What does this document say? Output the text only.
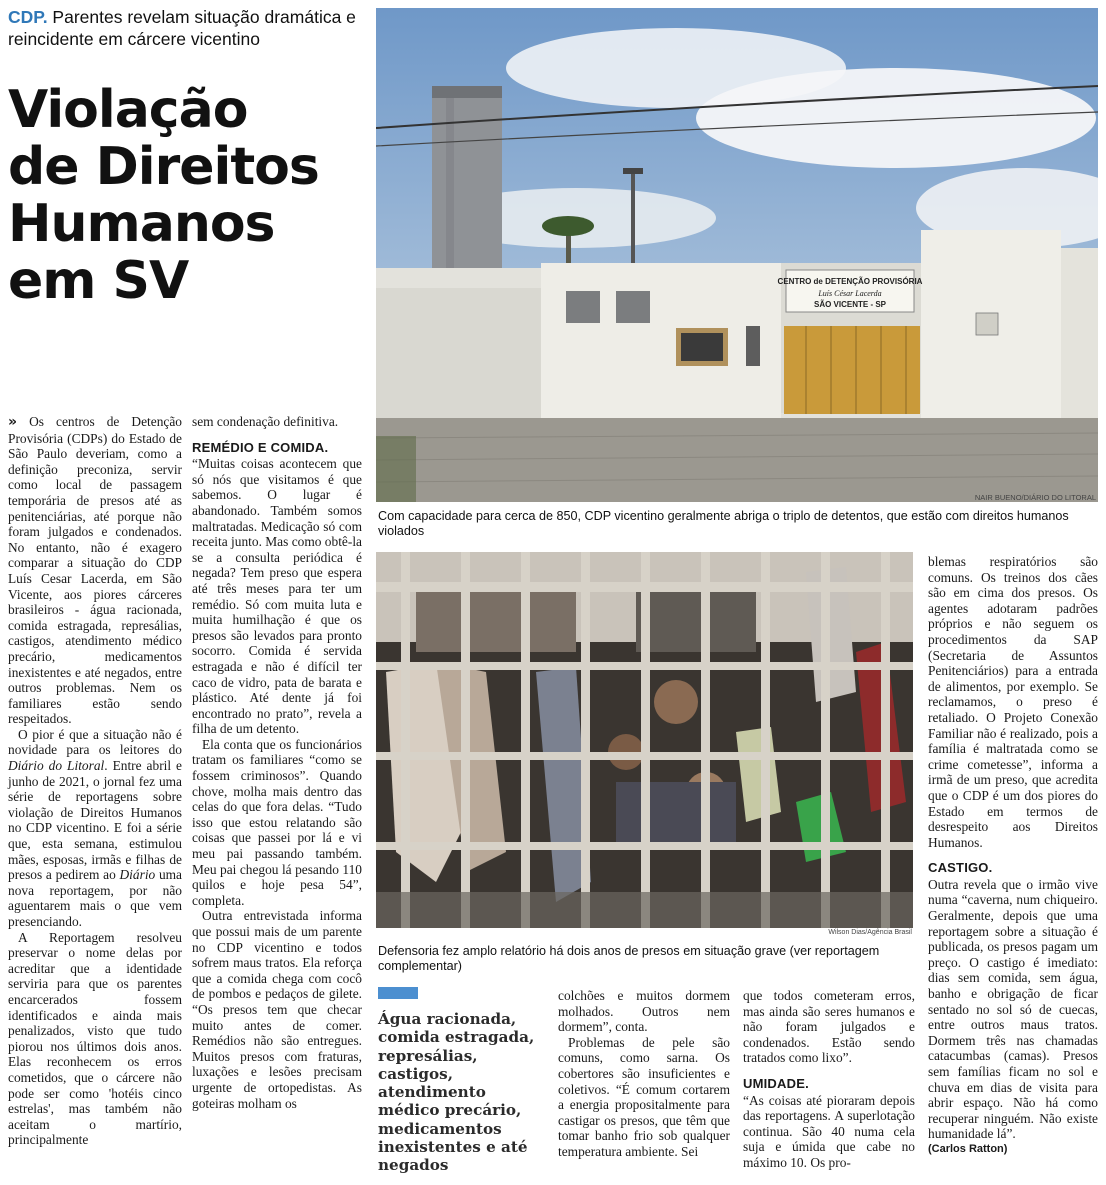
CDP. Parentes revelam situação dramática e reincidente em cárcere vicentino
Violação
de Direitos
Humanos
em SV	CENTRO de DETENÇÃO PROVISÓRIA
Luís César Lacerda
SÃO VICENTE - SP
NAIR BUENO/DIÁRIO DO LITORAL
Com capacidade para cerca de 850, CDP vicentino geralmente abriga o triplo de detentos, que estão com direitos humanos violados
Wilson Dias/Agência Brasil
Defensoria fez amplo relatório há dois anos de presos em situação grave (ver reportagem complementar)

» Os centros de Detenção Provisória (CDPs) do Estado de São Paulo deveriam, como a definição preconiza, servir como local de passagem temporária de presos até as penitenciárias, até porque não foram julgados e condenados. No entanto, não é exagero comparar a situação do CDP Luís Cesar Lacerda, em São Vicente, aos piores cárceres brasileiros - água racionada, comida estragada, represálias, castigos, atendimento médico precário, medicamentos inexistentes e até negados, entre outros problemas. Nem os familiares estão sendo respeitados.

O pior é que a situação não é novidade para os leitores do Diário do Litoral. Entre abril e junho de 2021, o jornal fez uma série de reportagens sobre violação de Direitos Humanos no CDP vicentino. E foi a série que, esta semana, estimulou mães, esposas, irmãs e filhas de presos a pedirem ao Diário uma nova reportagem, por não aguentarem mais o que vem presenciando.

A Reportagem resolveu preservar o nome delas por acreditar que a identidade serviria para que os parentes encarcerados fossem identificados e ainda mais penalizados, visto que tudo piorou nos últimos dois anos. Elas reconhecem os erros cometidos, que o cárcere não pode ser como 'hotéis cinco estrelas', mas também não aceitam o martírio, principalmente

sem condenação definitiva.

REMÉDIO E COMIDA.

“Muitas coisas acontecem que só nós que visitamos é que sabemos. O lugar é abandonado. Também somos maltratadas. Medicação só com receita junto. Mas como obtê-la se a consulta periódica é negada? Tem preso que espera até três meses para ter um remédio. Só com muita luta e muita humilhação é que os presos são levados para pronto socorro. Comida é servida estragada e não é difícil ter caco de vidro, pata de barata e plástico. Até dente já foi encontrado no prato”, revela a filha de um detento.

Ela conta que os funcionários tratam os familiares “como se fossem criminosos”. Quando chove, molha mais dentro das celas do que fora delas. “Tudo isso que estou relatando são coisas que passei por lá e vi meu pai passando também. Meu pai chegou lá pesando 110 quilos e hoje pesa 54”, completa.

Outra entrevistada informa que possui mais de um parente no CDP vicentino e todos sofrem maus tratos. Ela reforça que a comida chega com cocô de pombos e pedaços de gilete. “Os presos tem que checar muito antes de comer. Remédios não são entregues. Muitos presos com fraturas, luxações e lesões precisam urgente de ortopedistas. As goteiras molham os

Água racionada, comida estragada, represálias, castigos, atendimento médico precário, medicamentos inexistentes e até negados

colchões e muitos dormem molhados. Outros nem dormem”, conta.

Problemas de pele são comuns, como sarna. Os cobertores são insuficientes e coletivos. “É comum cortarem a energia propositalmente para castigar os presos, que têm que tomar banho frio sob qualquer temperatura ambiente. Sei

que todos cometeram erros, mas ainda são seres humanos e não foram julgados e condenados. Estão sendo tratados como lixo”.

UMIDADE.

“As coisas até pioraram depois das reportagens. A superlotação continua. São 40 numa cela suja e úmida que cabe no máximo 10. Os pro-

blemas respiratórios são comuns. Os treinos dos cães são em cima dos presos. Os agentes adotaram padrões próprios e não seguem os procedimentos da SAP (Secretaria de Assuntos Penitenciários) para a entrada de alimentos, por exemplo. Se reclamamos, o preso é retaliado. O Projeto Conexão Familiar não é realizado, pois a família é maltratada como se crime cometesse”, informa a irmã de um preso, que acredita que o CDP é um dos piores do Estado em termos de desrespeito aos Direitos Humanos.

CASTIGO.

Outra revela que o irmão vive numa “caverna, num chiqueiro. Geralmente, depois que uma reportagem sobre a situação é publicada, os presos pagam um preço. O castigo é imediato: dias sem comida, sem água, banho e obrigação de ficar sentado no sol só de cuecas, entre outros maus tratos. Dormem três nas chamadas catacumbas (camas). Presos sem famílias ficam no sol e chuva em dias de visita para abrir espaço. Não há como recuperar ninguém. Não existe humanidade lá”.

(Carlos Ratton)
